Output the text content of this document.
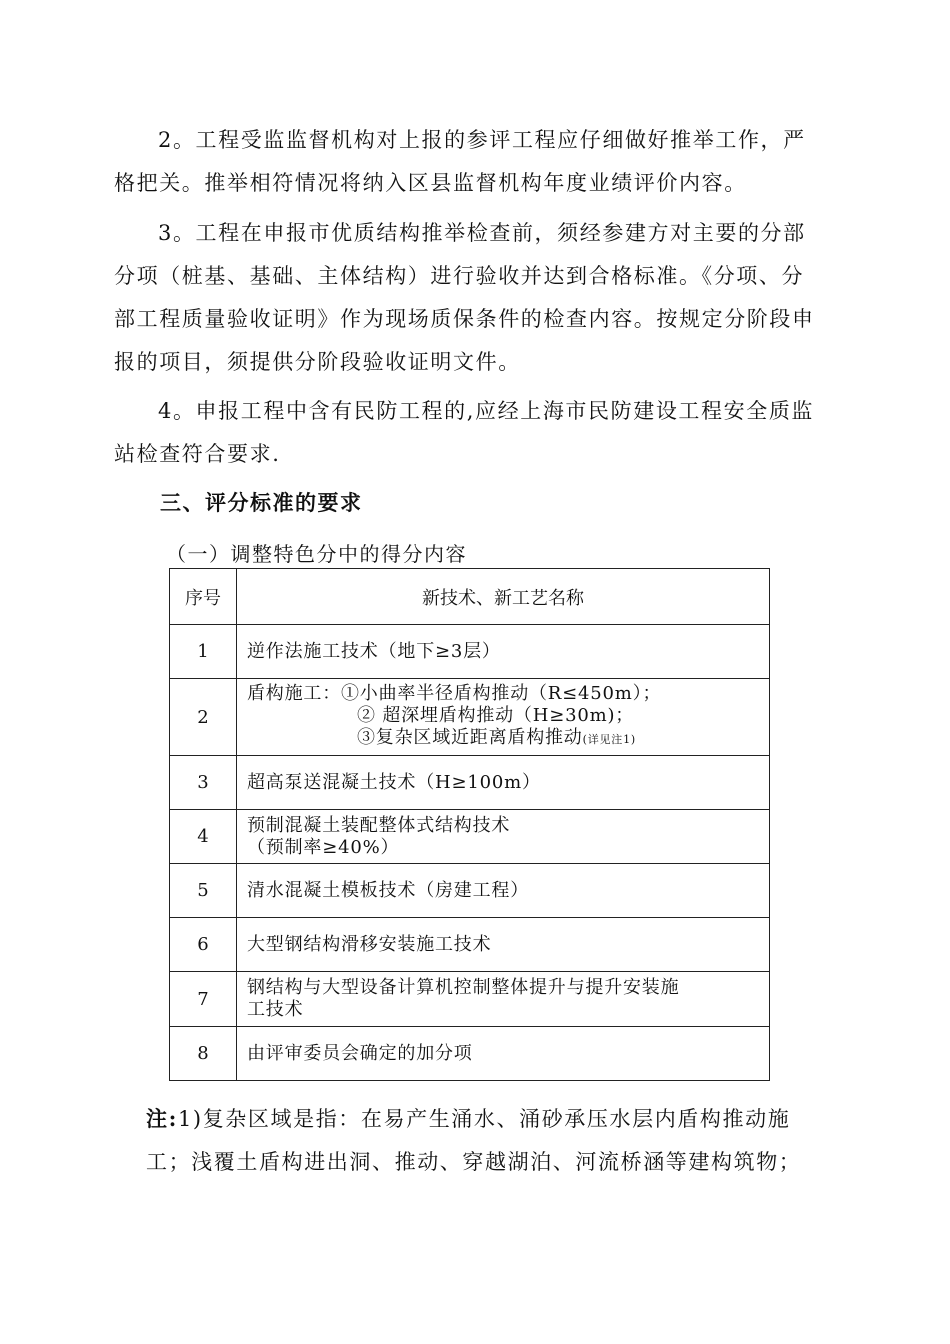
2。工程受监监督机构对上报的参评工程应仔细做好推举工作，严格把关。推举相符情况将纳入区县监督机构年度业绩评价内容。

3。工程在申报市优质结构推举检查前，须经参建方对主要的分部分项（桩基、基础、主体结构）进行验收并达到合格标准。《分项、分部工程质量验收证明》作为现场质保条件的检查内容。按规定分阶段申报的项目，须提供分阶段验收证明文件。

4。申报工程中含有民防工程的,应经上海市民防建设工程安全质监站检查符合要求.

三、评分标准的要求

（一）调整特色分中的得分内容

序号	新技术、新工艺名称
1	逆作法施工技术（地下≥3层）
2	盾构施工：①小曲率半径盾构推动（R≤450m）；
② 超深埋盾构推动（H≥30m)；
③复杂区域近距离盾构推动(详见注1)

3	超高泵送混凝土技术（H≥100m）
4	预制混凝土装配整体式结构技术
（预制率≥40%）

5	清水混凝土模板技术（房建工程）
6	大型钢结构滑移安装施工技术
7	钢结构与大型设备计算机控制整体提升与提升安装施
工技术

8	由评审委员会确定的加分项

注:1)复杂区域是指：在易产生涌水、涌砂承压水层内盾构推动施工；浅覆土盾构进出洞、推动、穿越湖泊、河流桥涵等建构筑物；
